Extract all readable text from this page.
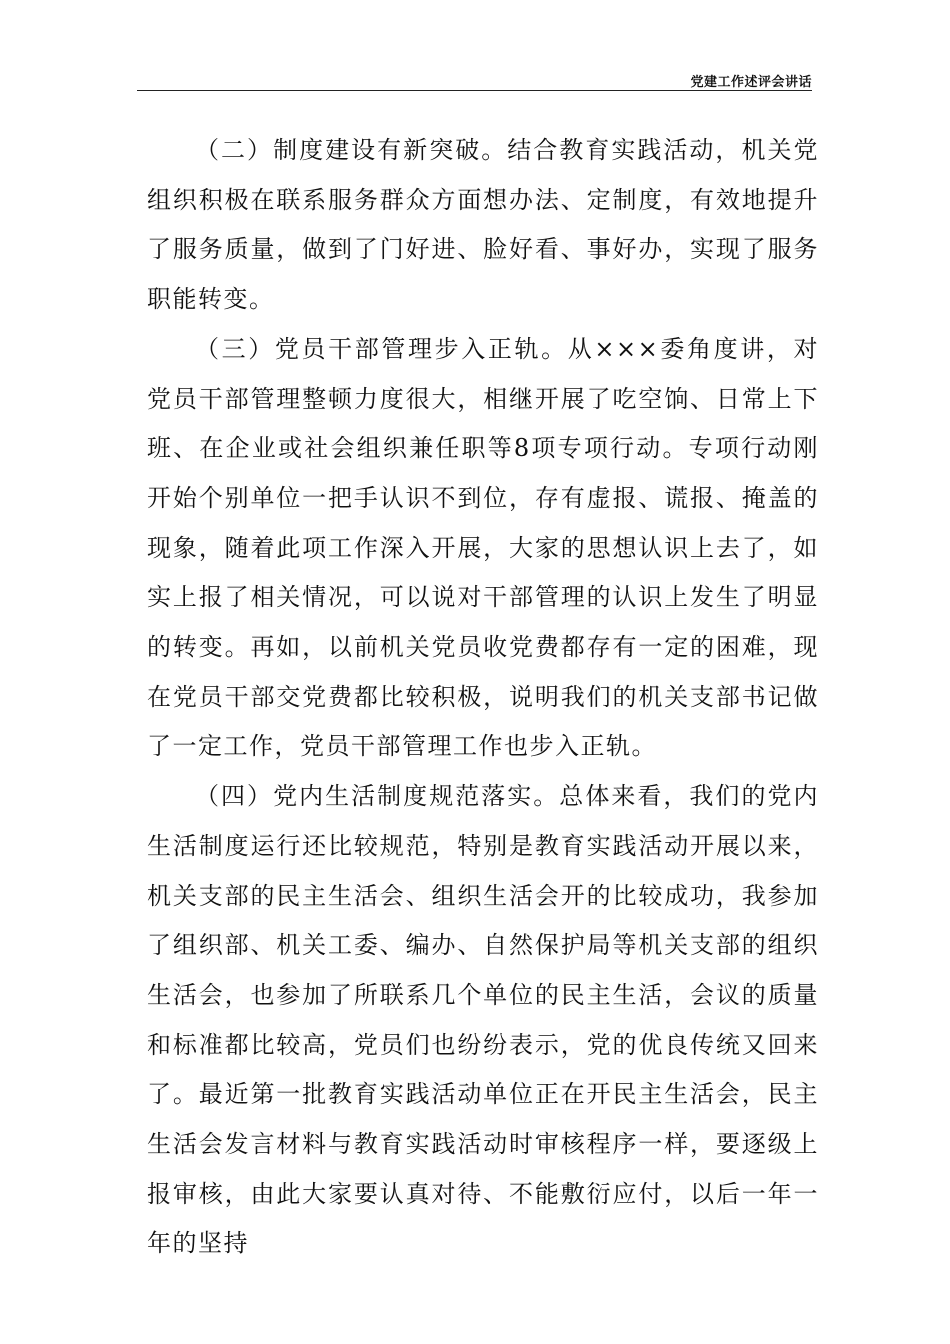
党建工作述评会讲话

（二）制度建设有新突破。结合教育实践活动，机关党组织积极在联系服务群众方面想办法、定制度，有效地提升了服务质量，做到了门好进、脸好看、事好办，实现了服务职能转变。

（三）党员干部管理步入正轨。从×××委角度讲，对党员干部管理整顿力度很大，相继开展了吃空饷、日常上下班、在企业或社会组织兼任职等8项专项行动。专项行动刚开始个别单位一把手认识不到位，存有虚报、谎报、掩盖的现象，随着此项工作深入开展，大家的思想认识上去了，如实上报了相关情况，可以说对干部管理的认识上发生了明显的转变。再如，以前机关党员收党费都存有一定的困难，现在党员干部交党费都比较积极，说明我们的机关支部书记做了一定工作，党员干部管理工作也步入正轨。

（四）党内生活制度规范落实。总体来看，我们的党内生活制度运行还比较规范，特别是教育实践活动开展以来，机关支部的民主生活会、组织生活会开的比较成功，我参加了组织部、机关工委、编办、自然保护局等机关支部的组织生活会，也参加了所联系几个单位的民主生活，会议的质量和标准都比较高，党员们也纷纷表示，党的优良传统又回来了。最近第一批教育实践活动单位正在开民主生活会，民主生活会发言材料与教育实践活动时审核程序一样，要逐级上报审核，由此大家要认真对待、不能敷衍应付，以后一年一年的坚持
